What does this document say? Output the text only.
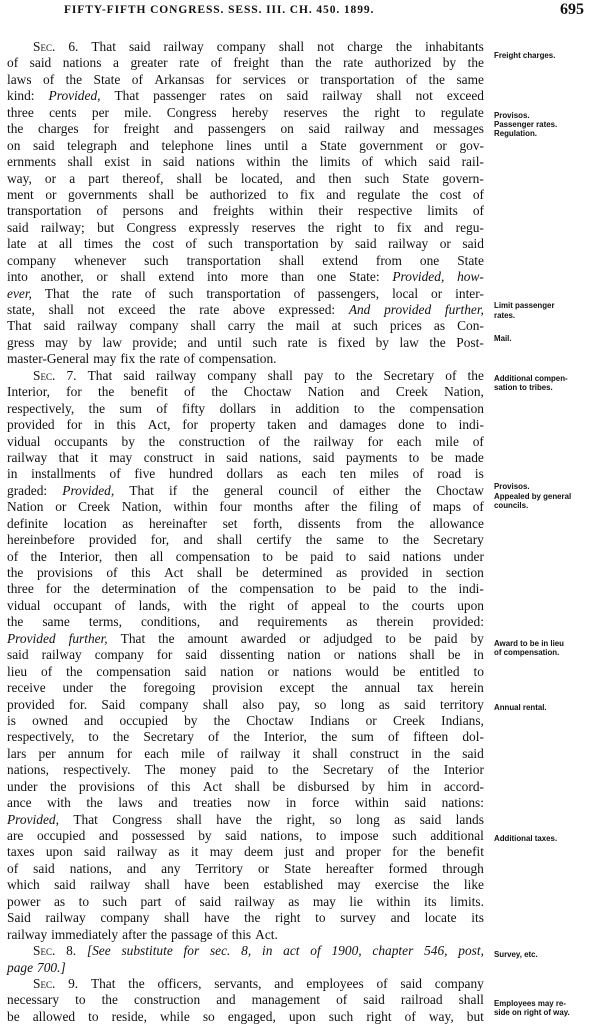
FIFTY-FIFTH CONGRESS. SESS. III. CH. 450. 1899.	695
Sec. 6. That said railway company shall not charge the inhabitants
of said nations a greater rate of freight than the rate authorized by the
laws of the State of Arkansas for services or transportation of the same
kind: Provided, That passenger rates on said railway shall not exceed
three cents per mile. Congress hereby reserves the right to regulate
the charges for freight and passengers on said railway and messages
on said telegraph and telephone lines until a State government or gov-
ernments shall exist in said nations within the limits of which said rail-
way, or a part thereof, shall be located, and then such State govern-
ment or governments shall be authorized to fix and regulate the cost of
transportation of persons and freights within their respective limits of
said railway; but Congress expressly reserves the right to fix and regu-
late at all times the cost of such transportation by said railway or said
company whenever such transportation shall extend from one State
into another, or shall extend into more than one State: Provided, how-
ever, That the rate of such transportation of passengers, local or inter-
state, shall not exceed the rate above expressed: And provided further,
That said railway company shall carry the mail at such prices as Con-
gress may by law provide; and until such rate is fixed by law the Post-
master-General may fix the rate of compensation.
Sec. 7. That said railway company shall pay to the Secretary of the
Interior, for the benefit of the Choctaw Nation and Creek Nation,
respectively, the sum of fifty dollars in addition to the compensation
provided for in this Act, for property taken and damages done to indi-
vidual occupants by the construction of the railway for each mile of
railway that it may construct in said nations, said payments to be made
in installments of five hundred dollars as each ten miles of road is
graded: Provided, That if the general council of either the Choctaw
Nation or Creek Nation, within four months after the filing of maps of
definite location as hereinafter set forth, dissents from the allowance
hereinbefore provided for, and shall certify the same to the Secretary
of the Interior, then all compensation to be paid to said nations under
the provisions of this Act shall be determined as provided in section
three for the determination of the compensation to be paid to the indi-
vidual occupant of lands, with the right of appeal to the courts upon
the same terms, conditions, and requirements as therein provided:
Provided further, That the amount awarded or adjudged to be paid by
said railway company for said dissenting nation or nations shall be in
lieu of the compensation said nation or nations would be entitled to
receive under the foregoing provision except the annual tax herein
provided for. Said company shall also pay, so long as said territory
is owned and occupied by the Choctaw Indians or Creek Indians,
respectively, to the Secretary of the Interior, the sum of fifteen dol-
lars per annum for each mile of railway it shall construct in the said
nations, respectively. The money paid to the Secretary of the Interior
under the provisions of this Act shall be disbursed by him in accord-
ance with the laws and treaties now in force within said nations:
Provided, That Congress shall have the right, so long as said lands
are occupied and possessed by said nations, to impose such additional
taxes upon said railway as it may deem just and proper for the benefit
of said nations, and any Territory or State hereafter formed through
which said railway shall have been established may exercise the like
power as to such part of said railway as may lie within its limits.
Said railway company shall have the right to survey and locate its
railway immediately after the passage of this Act.
Sec. 8. [See substitute for sec. 8, in act of 1900, chapter 546, post,
page 700.]
Sec. 9. That the officers, servants, and employees of said company
necessary to the construction and management of said railroad shall
be allowed to reside, while so engaged, upon such right of way, but
Freight charges.
Provisos.
Passenger rates.
Regulation.
Limit passenger
rates.
Mail.
Additional compen-
sation to tribes.
Provisos.
Appealed by general
councils.
Award to be in lieu
of compensation.
Annual rental.
Additional taxes.
Survey, etc.
Employees may re-
side on right of way.
